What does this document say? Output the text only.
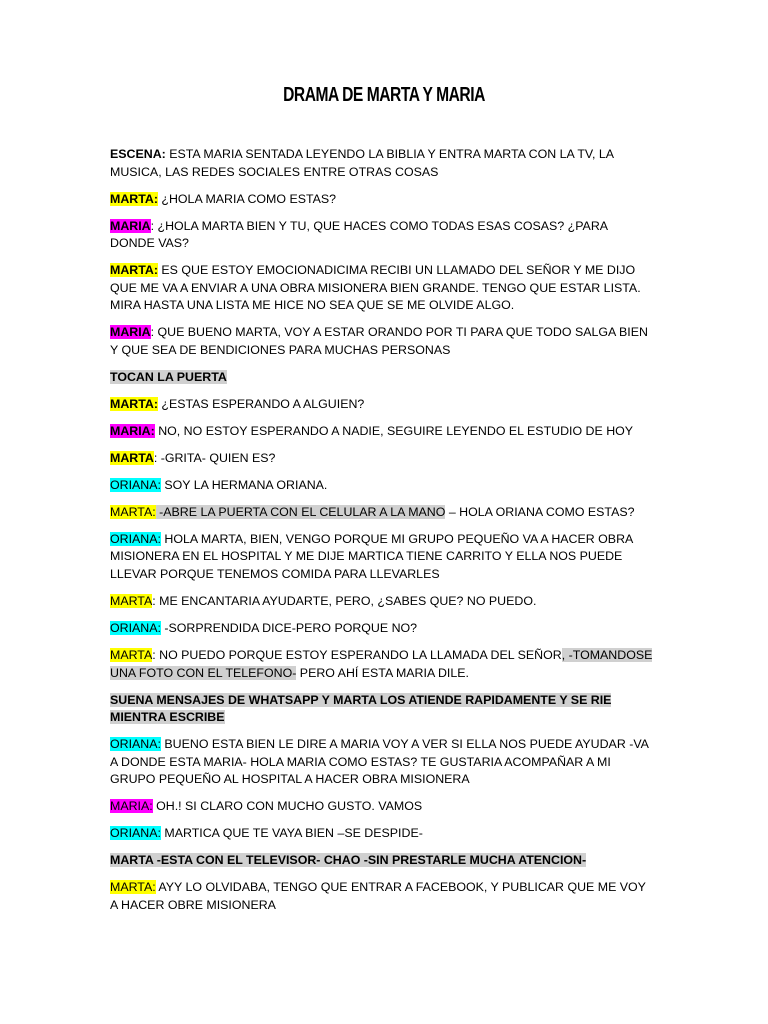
DRAMA DE MARTA Y MARIA

ESCENA: ESTA MARIA SENTADA LEYENDO LA BIBLIA Y ENTRA MARTA CON LA TV, LA MUSICA, LAS REDES SOCIALES ENTRE OTRAS COSAS

MARTA: ¿HOLA MARIA COMO ESTAS?

MARIA: ¿HOLA MARTA BIEN Y TU, QUE HACES COMO TODAS ESAS COSAS? ¿PARA DONDE VAS?

MARTA: ES QUE ESTOY EMOCIONADICIMA RECIBI UN LLAMADO DEL SEÑOR Y ME DIJO QUE ME VA A ENVIAR A UNA OBRA MISIONERA BIEN GRANDE. TENGO QUE ESTAR LISTA. MIRA HASTA UNA LISTA ME HICE NO SEA QUE SE ME OLVIDE ALGO.

MARIA: QUE BUENO MARTA, VOY A ESTAR ORANDO POR TI PARA QUE TODO SALGA BIEN Y QUE SEA DE BENDICIONES PARA MUCHAS PERSONAS

TOCAN LA PUERTA

MARTA: ¿ESTAS ESPERANDO A ALGUIEN?

MARIA: NO, NO ESTOY ESPERANDO A NADIE, SEGUIRE LEYENDO EL ESTUDIO DE HOY

MARTA: -GRITA- QUIEN ES?

ORIANA: SOY LA HERMANA ORIANA.

MARTA: -ABRE LA PUERTA CON EL CELULAR A LA MANO – HOLA ORIANA COMO ESTAS?

ORIANA: HOLA MARTA, BIEN, VENGO PORQUE MI GRUPO PEQUEÑO VA A HACER OBRA MISIONERA EN EL HOSPITAL Y ME DIJE MARTICA TIENE CARRITO Y ELLA NOS PUEDE LLEVAR PORQUE TENEMOS COMIDA PARA LLEVARLES

MARTA: ME ENCANTARIA AYUDARTE, PERO, ¿SABES QUE? NO PUEDO.

ORIANA: -SORPRENDIDA DICE-PERO PORQUE NO?

MARTA: NO PUEDO PORQUE ESTOY ESPERANDO LA LLAMADA DEL SEÑOR, -TOMANDOSE UNA FOTO CON EL TELEFONO- PERO AHÍ ESTA MARIA DILE.

SUENA MENSAJES DE WHATSAPP Y MARTA LOS ATIENDE RAPIDAMENTE Y SE RIE MIENTRA ESCRIBE

ORIANA: BUENO ESTA BIEN LE DIRE A MARIA VOY A VER SI ELLA NOS PUEDE AYUDAR -VA A DONDE ESTA MARIA- HOLA MARIA COMO ESTAS? TE GUSTARIA ACOMPAÑAR A MI GRUPO PEQUEÑO AL HOSPITAL A HACER OBRA MISIONERA

MARIA: OH.! SI CLARO CON MUCHO GUSTO. VAMOS

ORIANA: MARTICA QUE TE VAYA BIEN –SE DESPIDE-

MARTA -ESTA CON EL TELEVISOR- CHAO -SIN PRESTARLE MUCHA ATENCION-

MARTA: AYY LO OLVIDABA, TENGO QUE ENTRAR A FACEBOOK, Y PUBLICAR QUE ME VOY A HACER OBRE MISIONERA
